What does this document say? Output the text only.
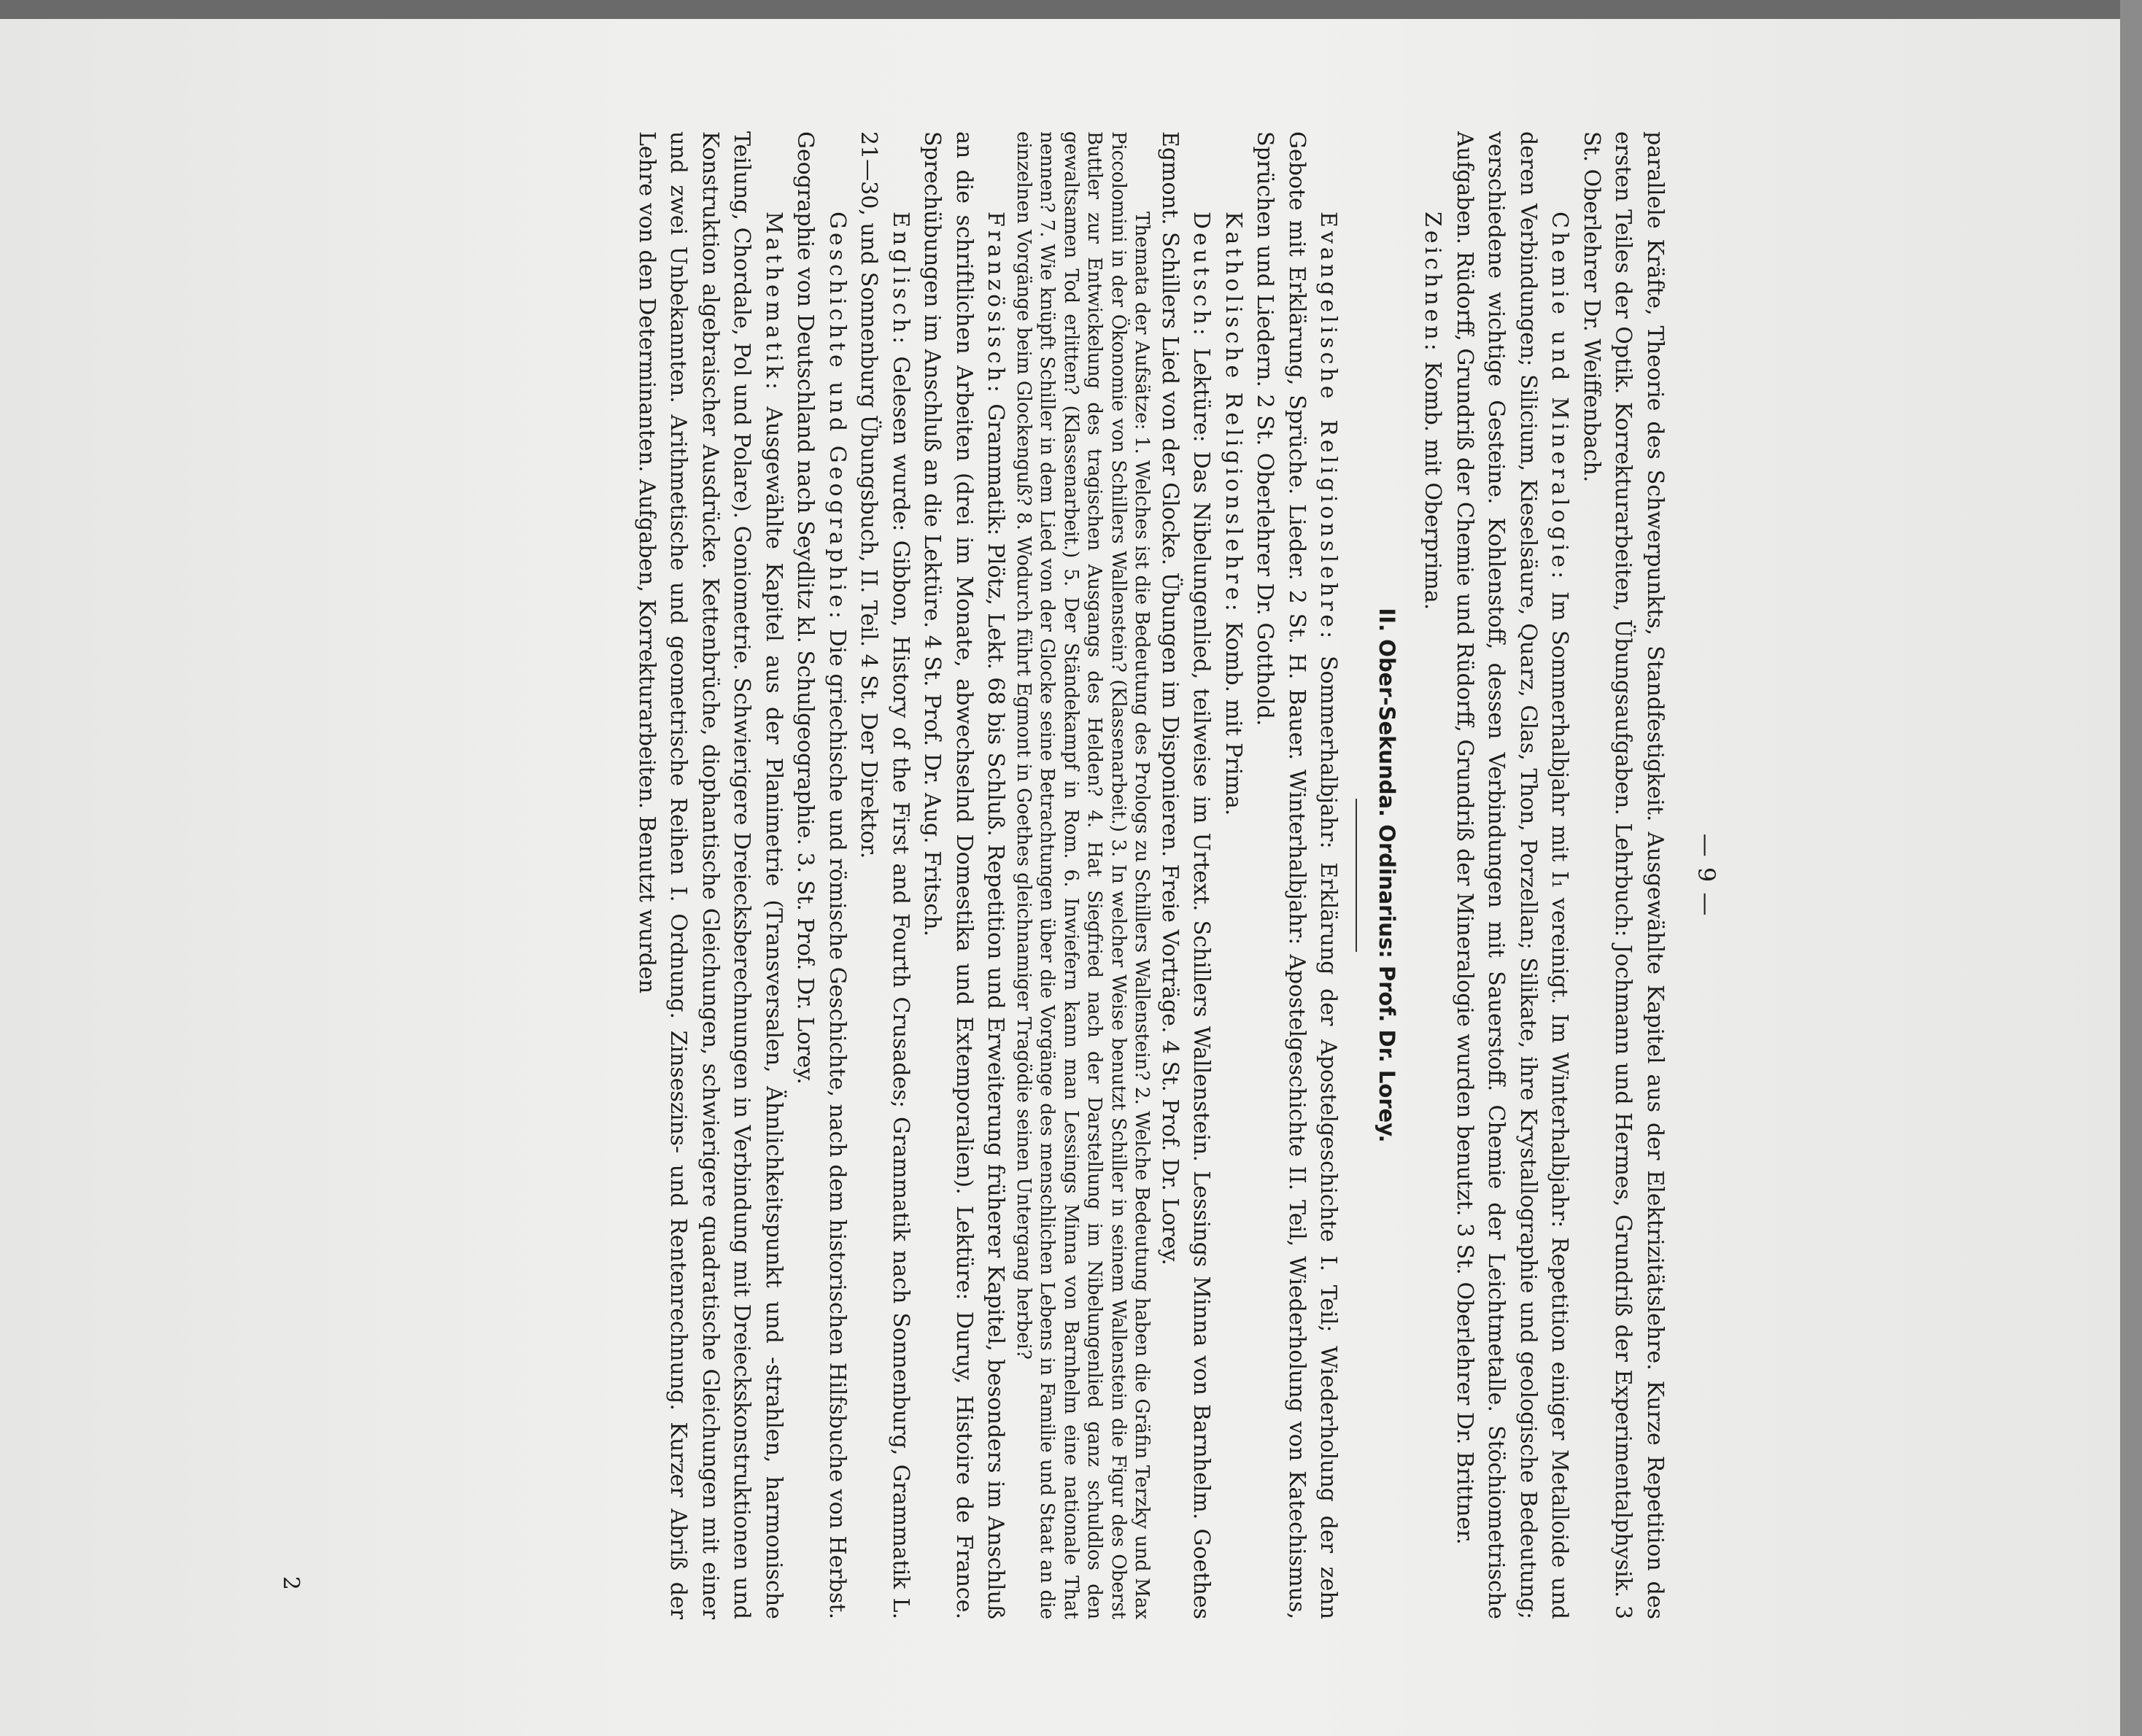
— 9 —

parallele Kräfte, Theorie des Schwerpunkts, Standfestigkeit. Ausgewählte Kapitel aus der Elektrizitätslehre. Kurze Repetition des ersten Teiles der Optik. Korrekturarbeiten, Übungsaufgaben. Lehrbuch: Jochmann und Hermes, Grundriß der Experimentalphysik. 3 St. Oberlehrer Dr. Weiffenbach.

Chemie und Mineralogie: Im Sommerhalbjahr mit I₁ vereinigt. Im Winterhalbjahr: Repetition einiger Metalloide und deren Verbindungen; Silicium, Kieselsäure, Quarz, Glas, Thon, Porzellan; Silikate, ihre Krystallographie und geologische Bedeutung; verschiedene wichtige Gesteine. Kohlenstoff, dessen Verbindungen mit Sauerstoff. Chemie der Leichtmetalle. Stöchiometrische Aufgaben. Rüdorff, Grundriß der Chemie und Rüdorff, Grundriß der Mineralogie wurden benutzt. 3 St. Oberlehrer Dr. Brittner.

Zeichnen: Komb. mit Oberprima.

II. Ober-Sekunda. Ordinarius: Prof. Dr. Lorey.

Evangelische Religionslehre: Sommerhalbjahr: Erklärung der Apostelgeschichte I. Teil; Wiederholung der zehn Gebote mit Erklärung, Sprüche. Lieder. 2 St. H. Bauer. Winterhalbjahr: Apostelgeschichte II. Teil, Wiederholung von Katechismus, Sprüchen und Liedern. 2 St. Oberlehrer Dr. Gotthold.

Katholische Religionslehre: Komb. mit Prima.

Deutsch: Lektüre: Das Nibelungenlied, teilweise im Urtext. Schillers Wallenstein. Lessings Minna von Barnhelm. Goethes Egmont. Schillers Lied von der Glocke. Übungen im Disponieren. Freie Vorträge. 4 St. Prof. Dr. Lorey.

Themata der Aufsätze: 1. Welches ist die Bedeutung des Prologs zu Schillers Wallenstein? 2. Welche Bedeutung haben die Gräfin Terzky und Max Piccolomini in der Ökonomie von Schillers Wallenstein? (Klassenarbeit.) 3. In welcher Weise benutzt Schiller in seinem Wallenstein die Figur des Oberst Buttler zur Entwickelung des tragischen Ausgangs des Helden? 4. Hat Siegfried nach der Darstellung im Nibelungenlied ganz schuldlos den gewaltsamen Tod erlitten? (Klassenarbeit.) 5. Der Ständekampf in Rom. 6. Inwiefern kann man Lessings Minna von Barnhelm eine nationale That nennen? 7. Wie knüpft Schiller in dem Lied von der Glocke seine Betrachtungen über die Vorgänge des menschlichen Lebens in Familie und Staat an die einzelnen Vorgänge beim Glockenguß? 8. Wodurch führt Egmont in Goethes gleichnamiger Tragödie seinen Untergang herbei?

Französisch: Grammatik: Plötz, Lekt. 68 bis Schluß. Repetition und Erweiterung früherer Kapitel, besonders im Anschluß an die schriftlichen Arbeiten (drei im Monate, abwechselnd Domestika und Extemporalien). Lektüre: Duruy, Histoire de France. Sprechübungen im Anschluß an die Lektüre. 4 St. Prof. Dr. Aug. Fritsch.

Englisch: Gelesen wurde: Gibbon, History of the First and Fourth Crusades; Grammatik nach Sonnenburg, Grammatik L. 21—30, und Sonnenburg Übungsbuch, II. Teil. 4 St. Der Direktor.

Geschichte und Geographie: Die griechische und römische Geschichte, nach dem historischen Hilfsbuche von Herbst. Geographie von Deutschland nach Seydlitz kl. Schulgeographie. 3. St. Prof. Dr. Lorey.

Mathematik: Ausgewählte Kapitel aus der Planimetrie (Transversalen, Ähnlichkeitspunkt und -strahlen, harmonische Teilung, Chordale, Pol und Polare). Goniometrie. Schwierigere Dreiecksberechnungen in Verbindung mit Dreieckskonstruktionen und Konstruktion algebraischer Ausdrücke. Kettenbrüche, diophantische Gleichungen, schwierigere quadratische Gleichungen mit einer und zwei Unbekannten. Arithmetische und geometrische Reihen I. Ordnung. Zinseszins- und Rentenrechnung. Kurzer Abriß der Lehre von den Determinanten. Aufgaben, Korrekturarbeiten. Benutzt wurden

2
